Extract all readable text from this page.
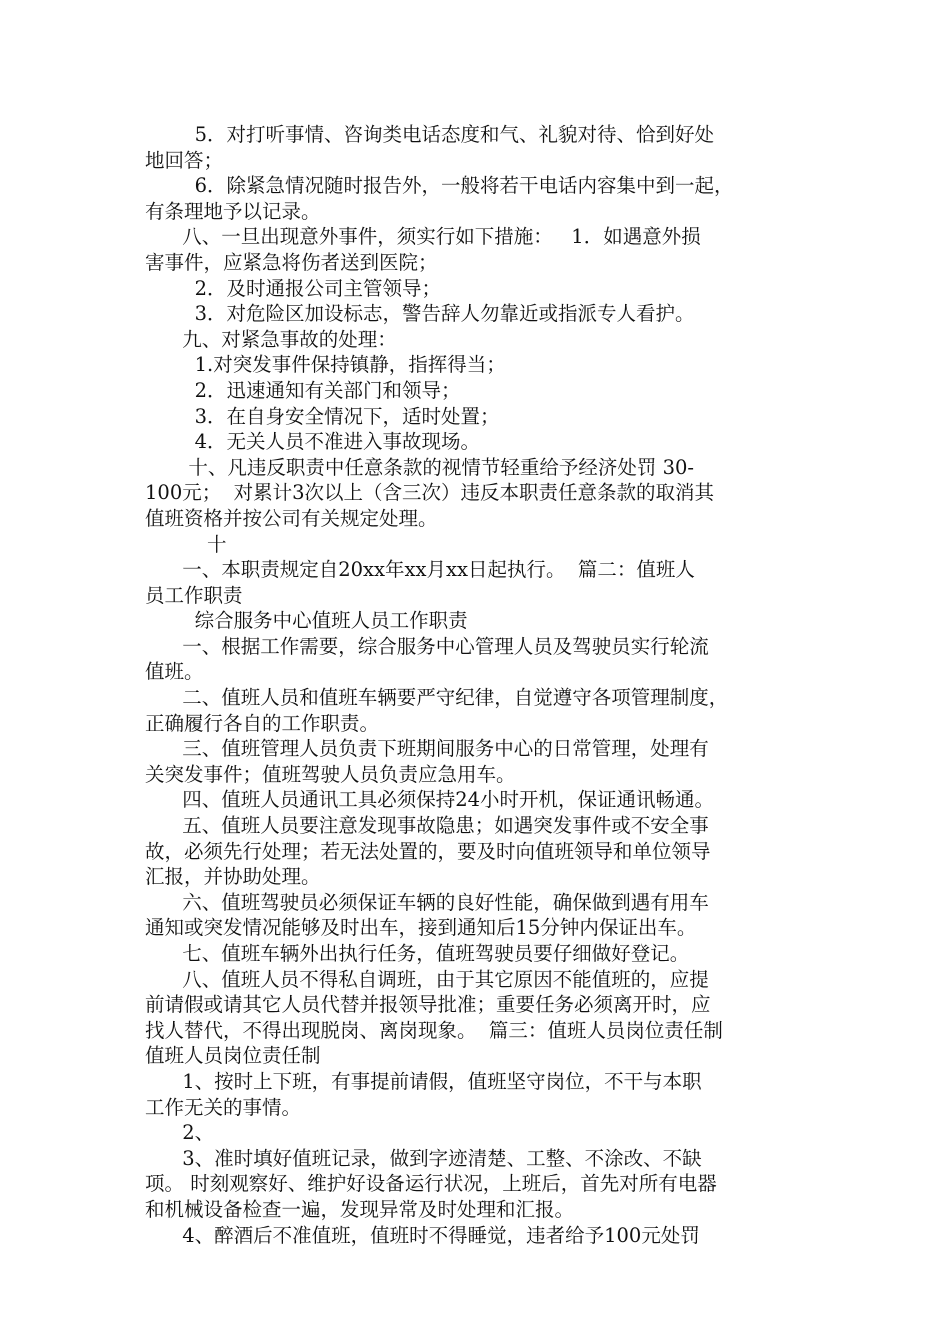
5．对打听事情、咨询类电话态度和气、礼貌对待、恰到好处
地回答；
6．除紧急情况随时报告外，一般将若干电话内容集中到一起，
有条理地予以记录。
八、一旦出现意外事件，须实行如下措施：   1．如遇意外损
害事件，应紧急将伤者送到医院；
2．及时通报公司主管领导；
3．对危险区加设标志，警告辞人勿靠近或指派专人看护。
九、对紧急事故的处理：
1.对突发事件保持镇静，指挥得当；
2．迅速通知有关部门和领导；
3．在自身安全情况下，适时处置；
4．无关人员不准进入事故现场。
十、凡违反职责中任意条款的视情节轻重给予经济处罚 30-
100元；  对累计3次以上（含三次）违反本职责任意条款的取消其
值班资格并按公司有关规定处理。
十
一、本职责规定自20xx年xx月xx日起执行。  篇二：值班人
员工作职责
综合服务中心值班人员工作职责
一、根据工作需要，综合服务中心管理人员及驾驶员实行轮流
值班。
二、值班人员和值班车辆要严守纪律，自觉遵守各项管理制度，
正确履行各自的工作职责。
三、值班管理人员负责下班期间服务中心的日常管理，处理有
关突发事件；值班驾驶人员负责应急用车。
四、值班人员通讯工具必须保持24小时开机，保证通讯畅通。
五、值班人员要注意发现事故隐患；如遇突发事件或不安全事
故，必须先行处理；若无法处置的，要及时向值班领导和单位领导
汇报，并协助处理。
六、值班驾驶员必须保证车辆的良好性能，确保做到遇有用车
通知或突发情况能够及时出车，接到通知后15分钟内保证出车。
七、值班车辆外出执行任务，值班驾驶员要仔细做好登记。
八、值班人员不得私自调班，由于其它原因不能值班的，应提
前请假或请其它人员代替并报领导批准；重要任务必须离开时，应
找人替代，不得出现脱岗、离岗现象。  篇三：值班人员岗位责任制
值班人员岗位责任制
1、按时上下班，有事提前请假，值班坚守岗位，不干与本职
工作无关的事情。
2、
3、准时填好值班记录，做到字迹清楚、工整、不涂改、不缺
项。 时刻观察好、维护好设备运行状况，上班后，首先对所有电器
和机械设备检查一遍，发现异常及时处理和汇报。
4、醉酒后不准值班，值班时不得睡觉，违者给予100元处罚
